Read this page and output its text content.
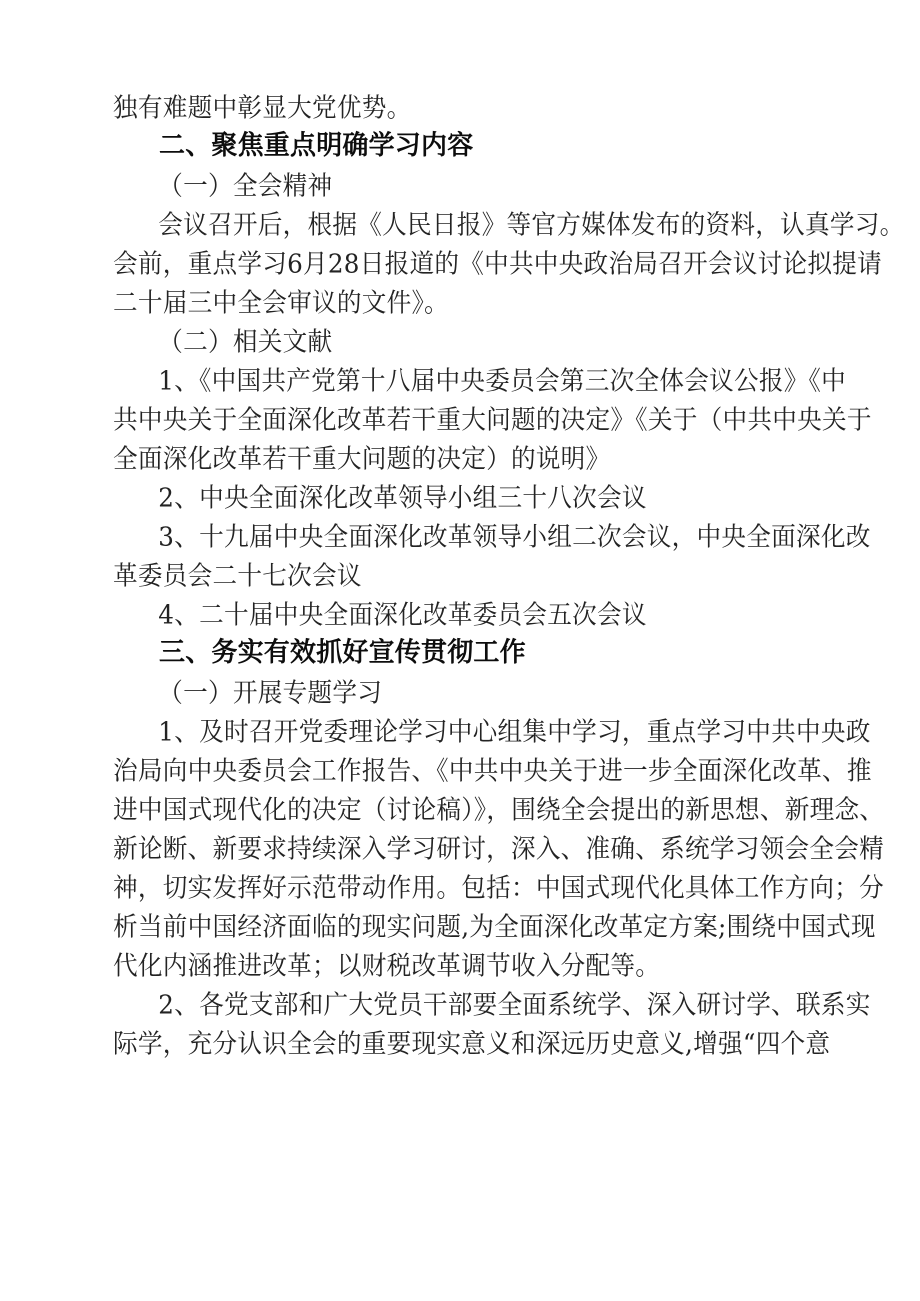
独有难题中彰显大党优势。
二、聚焦重点明确学习内容
（一）全会精神
会议召开后，根据《人民日报》等官方媒体发布的资料，认真学习。
会前，重点学习6月28日报道的《中共中央政治局召开会议讨论拟提请
二十届三中全会审议的文件》。
（二）相关文献
1、《中国共产党第十八届中央委员会第三次全体会议公报》《中
共中央关于全面深化改革若干重大问题的决定》《关于（中共中央关于
全面深化改革若干重大问题的决定）的说明》
2、中央全面深化改革领导小组三十八次会议
3、十九届中央全面深化改革领导小组二次会议，中央全面深化改
革委员会二十七次会议
4、二十届中央全面深化改革委员会五次会议
三、务实有效抓好宣传贯彻工作
（一）开展专题学习
1、及时召开党委理论学习中心组集中学习，重点学习中共中央政
治局向中央委员会工作报告、《中共中央关于进一步全面深化改革、推
进中国式现代化的决定（讨论稿）》，围绕全会提出的新思想、新理念、
新论断、新要求持续深入学习研讨，深入、准确、系统学习领会全会精
神，切实发挥好示范带动作用。包括：中国式现代化具体工作方向；分
析当前中国经济面临的现实问题,为全面深化改革定方案;围绕中国式现
代化内涵推进改革；以财税改革调节收入分配等。
2、各党支部和广大党员干部要全面系统学、深入研讨学、联系实
际学，充分认识全会的重要现实意义和深远历史意义,增强“四个意
